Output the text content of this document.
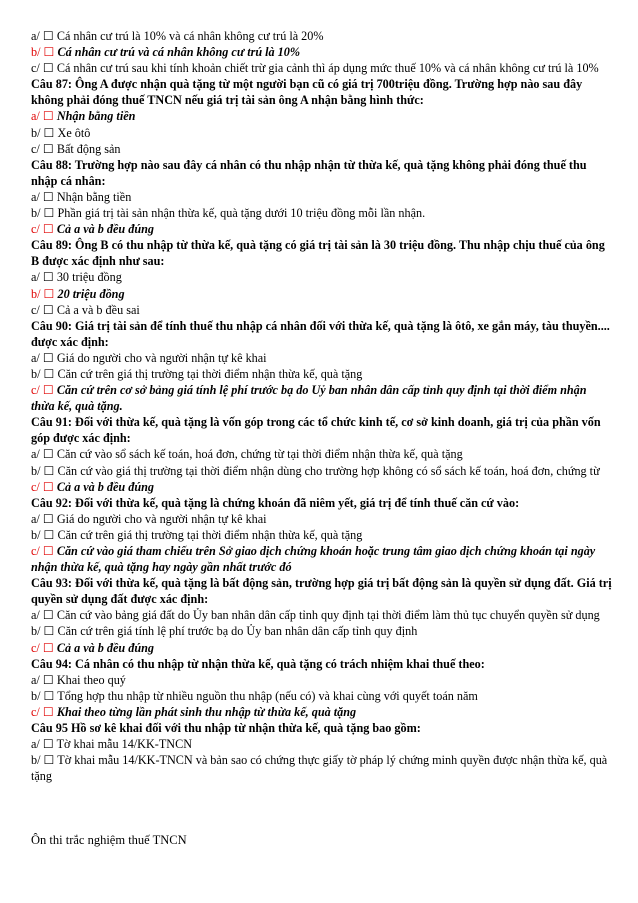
a/ ☐ Cá nhân cư trú là 10% và cá nhân không cư trú là 20%

b/ ☐ Cá nhân cư trú và cá nhân không cư trú là 10%

c/ ☐ Cá nhân cư trú sau khi tính khoản chiết trừ gia cảnh thì áp dụng mức thuế 10% và cá nhân không cư trú là 10%

Câu 87: Ông A được nhận quà tặng từ một người bạn cũ có giá trị 700triệu đồng. Trường hợp nào sau đây không phải đóng thuế TNCN nếu giá trị tài sản ông A nhận bằng hình thức:

a/ ☐ Nhận bằng tiền

b/ ☐ Xe ôtô

c/ ☐ Bất động sản

Câu 88: Trường hợp nào sau đây cá nhân có thu nhập nhận từ thừa kế, quà tặng không phải đóng thuế thu nhập cá nhân:

a/ ☐ Nhận bằng tiền

b/ ☐ Phần giá trị tài sản nhận thừa kế, quà tặng dưới 10 triệu đồng mỗi lần nhận.

c/ ☐ Cả a và b đều đúng

Câu 89: Ông B có thu nhập từ thừa kế, quà tặng có giá trị tài sản là 30 triệu đồng. Thu nhập chịu thuế của ông B được xác định như sau:

a/ ☐ 30 triệu đồng

b/ ☐ 20 triệu đồng

c/ ☐ Cả a và b đều sai

Câu 90: Giá trị tài sản để tính thuế thu nhập cá nhân đối với thừa kế, quà tặng là ôtô, xe gắn máy, tàu thuyền.... được xác định:

a/ ☐ Giá do người cho và người nhận tự kê khai

b/ ☐ Căn cứ trên giá thị trường tại thời điểm nhận thừa kế, quà tặng

c/ ☐ Căn cứ trên cơ sở bảng giá tính lệ phí trước bạ do Uỷ ban nhân dân cấp tỉnh quy định tại thời điểm nhận thừa kế, quà tặng.

Câu 91: Đối với thừa kế, quà tặng là vốn góp trong các tổ chức kinh tế, cơ sở kinh doanh, giá trị của phần vốn góp được xác định:

a/ ☐ Căn cứ vào sổ sách kế toán, hoá đơn, chứng từ tại thời điểm nhận thừa kế, quà tặng

b/ ☐ Căn cứ vào giá thị trường tại thời điểm nhận dùng cho trường hợp không có sổ sách kế toán, hoá đơn, chứng từ

c/ ☐ Cả a và b đều đúng

Câu 92: Đối với thừa kế, quà tặng là chứng khoán đã niêm yết, giá trị để tính thuế căn cứ vào:

a/ ☐ Giá do người cho và người nhận tự kê khai

b/ ☐ Căn cứ trên giá thị trường tại thời điểm nhận thừa kế, quà tặng

c/ ☐ Căn cứ vào giá tham chiếu trên Sở giao dịch chứng khoán hoặc trung tâm giao dịch chứng khoán tại ngày nhận thừa kế, quà tặng hay ngày gần nhất trước đó

Câu 93: Đối với thừa kế, quà tặng là bất động sản, trường hợp giá trị bất động sản là quyền sử dụng đất. Giá trị quyền sử dụng đất được xác định:

a/ ☐ Căn cứ vào bảng giá đất do Ủy ban nhân dân cấp tỉnh quy định tại thời điểm làm thủ tục chuyển quyền sử dụng

b/ ☐ Căn cứ trên giá tính lệ phí trước bạ do Ủy ban nhân dân cấp tỉnh quy định

c/ ☐ Cả a và b đều đúng

Câu 94: Cá nhân có thu nhập từ nhận thừa kế, quà tặng có trách nhiệm khai thuế theo:

a/ ☐ Khai theo quý

b/ ☐ Tổng hợp thu nhập từ nhiều nguồn thu nhập (nếu có) và khai cùng với quyết toán năm

c/ ☐ Khai theo từng lần phát sinh thu nhập từ thừa kế, quà tặng

Câu 95 Hồ sơ kê khai đối với thu nhập từ nhận thừa kế, quà tặng bao gồm:

a/ ☐ Tờ khai mẫu 14/KK-TNCN

b/ ☐ Tờ khai mẫu 14/KK-TNCN và bản sao có chứng thực giấy tờ pháp lý chứng minh quyền được nhận thừa kế, quà tặng

Ôn thi trắc nghiệm thuế TNCN
